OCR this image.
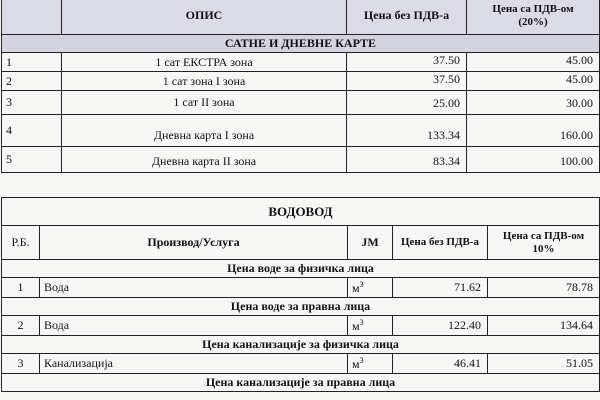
	ОПИС	Цена без ПДВ-а	Цена са ПДВ-ом
(20%)

САТНЕ И ДНЕВНЕ КАРТЕ			
1	1 сат ЕКСТРА зона	37.50	45.00
2	1 сат зона I зона	37.50	45.00
3	1 сат II зона	25.00	30.00
4	Дневна карта I зона	133.34	160.00
5	Дневна карта II зона	83.34	100.00
ВОДОВОД				
Р.Б.	Производ/Услуга	ЈМ	Цена без ПДВ-а	Цена са ПДВ-ом
10%

Цена воде за физичка лица				
1	Вода	$м^3$	71.62	78.78
Цена воде за правна лица				
2	Вода	$м^3$	122.40	134.64
Цена канализације за физичка лица				
3	Канализација	$м^3$	46.41	51.05
Цена канализације за правна лица				
